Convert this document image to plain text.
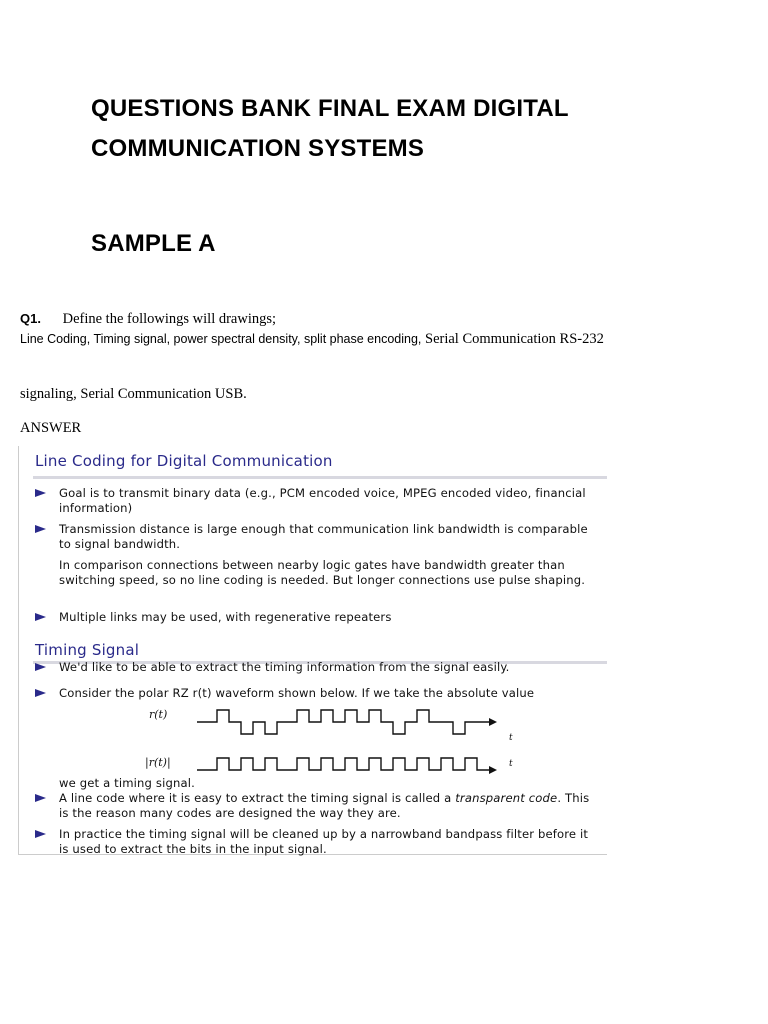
QUESTIONS BANK FINAL EXAM DIGITAL
COMMUNICATION SYSTEMS
SAMPLE A
Q1. Define the followings will drawings;
Line Coding, Timing signal, power spectral density, split phase encoding, Serial Communication RS-232
signaling, Serial Communication USB.
ANSWER
Line Coding for Digital Communication
Goal is to transmit binary data (e.g., PCM encoded voice, MPEG encoded video, financial information)
Transmission distance is large enough that communication link bandwidth is comparable to signal bandwidth.
In comparison connections between nearby logic gates have bandwidth greater than switching speed, so no line coding is needed. But longer connections use pulse shaping.
Multiple links may be used, with regenerative repeaters
Timing Signal
We'd like to be able to extract the timing information from the signal easily.
Consider the polar RZ r(t) waveform shown below. If we take the absolute value
r(t)
t
|r(t)|	t
we get a timing signal.
A line code where it is easy to extract the timing signal is called a transparent code. This is the reason many codes are designed the way they are.
In practice the timing signal will be cleaned up by a narrowband bandpass filter before it is used to extract the bits in the input signal.
